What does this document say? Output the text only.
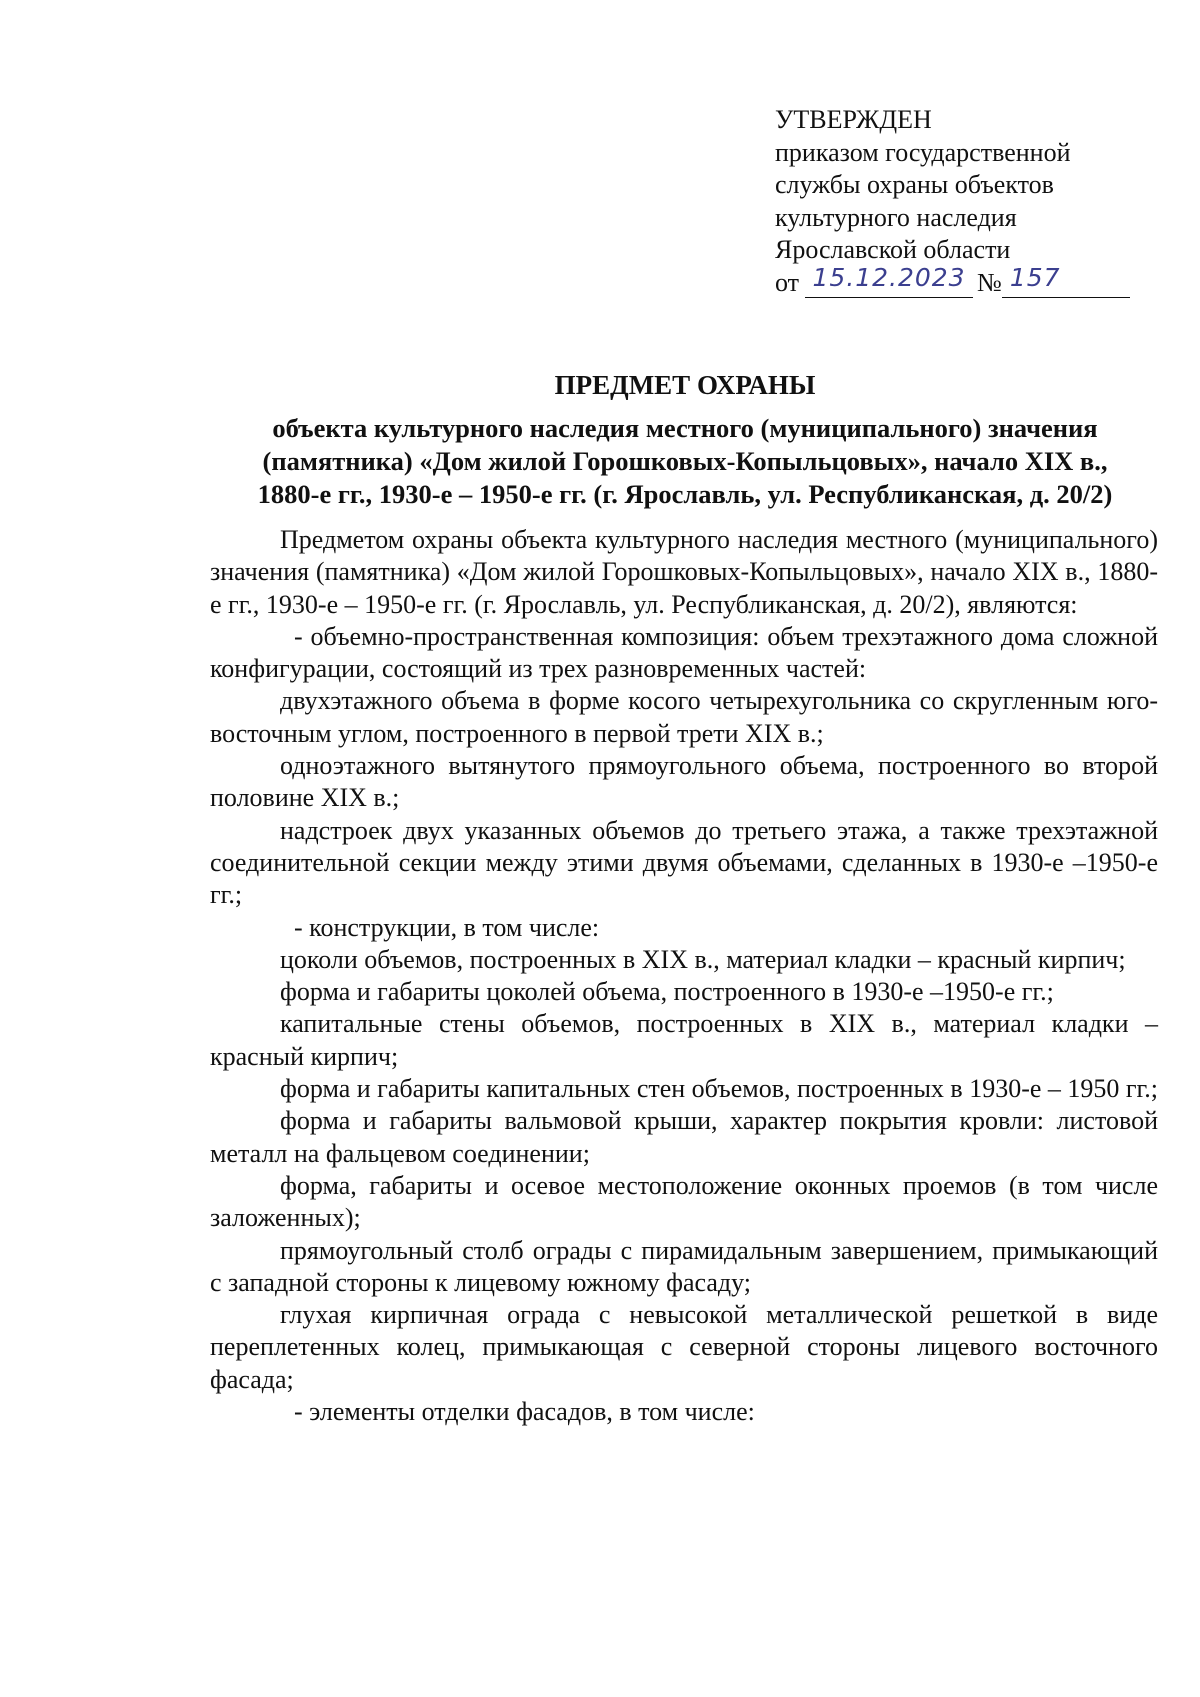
УТВЕРЖДЕН
приказом государственной
службы охраны объектов
культурного наследия
Ярославской области
от 15.12.2023 № 157
ПРЕДМЕТ ОХРАНЫ
объекта культурного наследия местного (муниципального) значения
(памятника) «Дом жилой Горошковых-Копыльцовых», начало XIX в.,
1880-е гг., 1930-е – 1950-е гг. (г. Ярославль, ул. Республиканская, д. 20/2)

Предметом охраны объекта культурного наследия местного (муниципального) значения (памятника) «Дом жилой Горошковых-Копыльцовых», начало XIX в., 1880-е гг., 1930-е – 1950-е гг. (г. Ярославль, ул. Республиканская, д. 20/2), являются:

- объемно-пространственная композиция: объем трехэтажного дома сложной конфигурации, состоящий из трех разновременных частей:

двухэтажного объема в форме косого четырехугольника со скругленным юго-восточным углом, построенного в первой трети XIX в.;

одноэтажного вытянутого прямоугольного объема, построенного во второй половине XIX в.;

надстроек двух указанных объемов до третьего этажа, а также трехэтажной соединительной секции между этими двумя объемами, сделанных в 1930-е –1950-е гг.;

- конструкции, в том числе:

цоколи объемов, построенных в XIX в., материал кладки – красный кирпич;

форма и габариты цоколей объема, построенного в 1930-е –1950-е гг.;

капитальные стены объемов, построенных в XIX в., материал кладки – красный кирпич;

форма и габариты капитальных стен объемов, построенных в 1930-е – 1950 гг.;

форма и габариты вальмовой крыши, характер покрытия кровли: листовой металл на фальцевом соединении;

форма, габариты и осевое местоположение оконных проемов (в том числе заложенных);

прямоугольный столб ограды с пирамидальным завершением, примыкающий с западной стороны к лицевому южному фасаду;

глухая кирпичная ограда с невысокой металлической решеткой в виде переплетенных колец, примыкающая с северной стороны лицевого восточного фасада;

- элементы отделки фасадов, в том числе:
